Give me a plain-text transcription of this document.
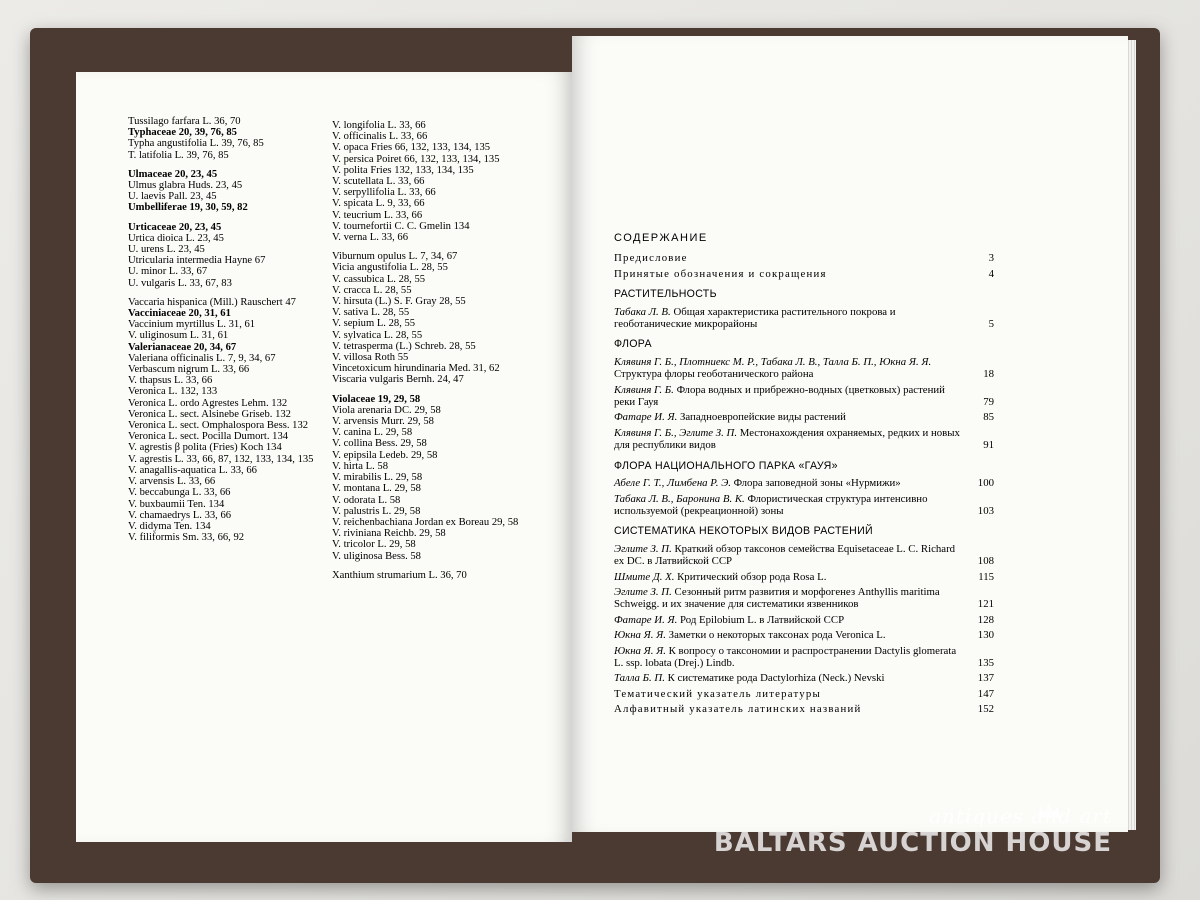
Tussilago farfara L. 36, 70
Typhaceae 20, 39, 76, 85
Typha angustifolia L. 39, 76, 85
T. latifolia L. 39, 76, 85
Ulmaceae 20, 23, 45
Ulmus glabra Huds. 23, 45
U. laevis Pall. 23, 45
Umbelliferae 19, 30, 59, 82
Urticaceae 20, 23, 45
Urtica dioica L. 23, 45
U. urens L. 23, 45
Utricularia intermedia Hayne 67
U. minor L. 33, 67
U. vulgaris L. 33, 67, 83
Vaccaria hispanica (Mill.) Rauschert 47
Vacciniaceae 20, 31, 61
Vaccinium myrtillus L. 31, 61
V. uliginosum L. 31, 61
Valerianaceae 20, 34, 67
Valeriana officinalis L. 7, 9, 34, 67
Verbascum nigrum L. 33, 66
V. thapsus L. 33, 66
Veronica L. 132, 133
Veronica L. ordo Agrestes Lehm. 132
Veronica L. sect. Alsinebe Griseb. 132
Veronica L. sect. Omphalospora Bess. 132
Veronica L. sect. Pocilla Dumort. 134
V. agrestis β polita (Fries) Koch 134
V. agrestis L. 33, 66, 87, 132, 133, 134, 135
V. anagallis-aquatica L. 33, 66
V. arvensis L. 33, 66
V. beccabunga L. 33, 66
V. buxbaumii Ten. 134
V. chamaedrys L. 33, 66
V. didyma Ten. 134
V. filiformis Sm. 33, 66, 92
V. longifolia L. 33, 66
V. officinalis L. 33, 66
V. opaca Fries 66, 132, 133, 134, 135
V. persica Poiret 66, 132, 133, 134, 135
V. polita Fries 132, 133, 134, 135
V. scutellata L. 33, 66
V. serpyllifolia L. 33, 66
V. spicata L. 9, 33, 66
V. teucrium L. 33, 66
V. tournefortii C. C. Gmelin 134
V. verna L. 33, 66
Viburnum opulus L. 7, 34, 67
Vicia angustifolia L. 28, 55
V. cassubica L. 28, 55
V. cracca L. 28, 55
V. hirsuta (L.) S. F. Gray 28, 55
V. sativa L. 28, 55
V. sepium L. 28, 55
V. sylvatica L. 28, 55
V. tetrasperma (L.) Schreb. 28, 55
V. villosa Roth 55
Vincetoxicum hirundinaria Med. 31, 62
Viscaria vulgaris Bernh. 24, 47
Violaceae 19, 29, 58
Viola arenaria DC. 29, 58
V. arvensis Murr. 29, 58
V. canina L. 29, 58
V. collina Bess. 29, 58
V. epipsila Ledeb. 29, 58
V. hirta L. 58
V. mirabilis L. 29, 58
V. montana L. 29, 58
V. odorata L. 58
V. palustris L. 29, 58
V. reichenbachiana Jordan ex Boreau 29, 58
V. riviniana Reichb. 29, 58
V. tricolor L. 29, 58
V. uliginosa Bess. 58
Xanthium strumarium L. 36, 70
СОДЕРЖАНИЕ
Предисловие	3
Принятые обозначения и сокращения	4
РАСТИТЕЛЬНОСТЬ
Табака Л. В. Общая характеристика растительного покрова и геоботанические микрорайоны	5
ФЛОРА
Клявиня Г. Б., Плотниекс М. Р., Табака Л. В., Талла Б. П., Юкна Я. Я. Структура флоры геоботанического района	18
Клявиня Г. Б. Флора водных и прибрежно-водных (цветковых) растений реки Гауя	79
Фатаре И. Я. Западноевропейские виды растений	85
Клявиня Г. Б., Эглите З. П. Местонахождения охраняемых, редких и новых для республики видов	91
ФЛОРА НАЦИОНАЛЬНОГО ПАРКА «ГАУЯ»
Абеле Г. Т., Лимбена Р. Э. Флора заповедной зоны «Нурмижи»	100
Табака Л. В., Баронина В. К. Флористическая структура интенсивно используемой (рекреационной) зоны	103
СИСТЕМАТИКА НЕКОТОРЫХ ВИДОВ РАСТЕНИЙ
Эглите З. П. Краткий обзор таксонов семейства Equisetaceae L. C. Richard ex DC. в Латвийской ССР	108
Шмите Д. Х. Критический обзор рода Rosa L.	115
Эглите З. П. Сезонный ритм развития и морфогенез Anthyllis maritima Schweigg. и их значение для систематики язвенников	121
Фатаре И. Я. Род Epilobium L. в Латвийской ССР	128
Юкна Я. Я. Заметки о некоторых таксонах рода Veronica L.	130
Юкна Я. Я. К вопросу о таксономии и распространении Dactylis glomerata L. ssp. lobata (Drej.) Lindb.	135
Талла Б. П. К систематике рода Dactylorhiza (Neck.) Nevski	137
Тематический указатель литературы	147
Алфавитный указатель латинских названий	152
antiques and art
BALTARS AUCTION HOUSE
